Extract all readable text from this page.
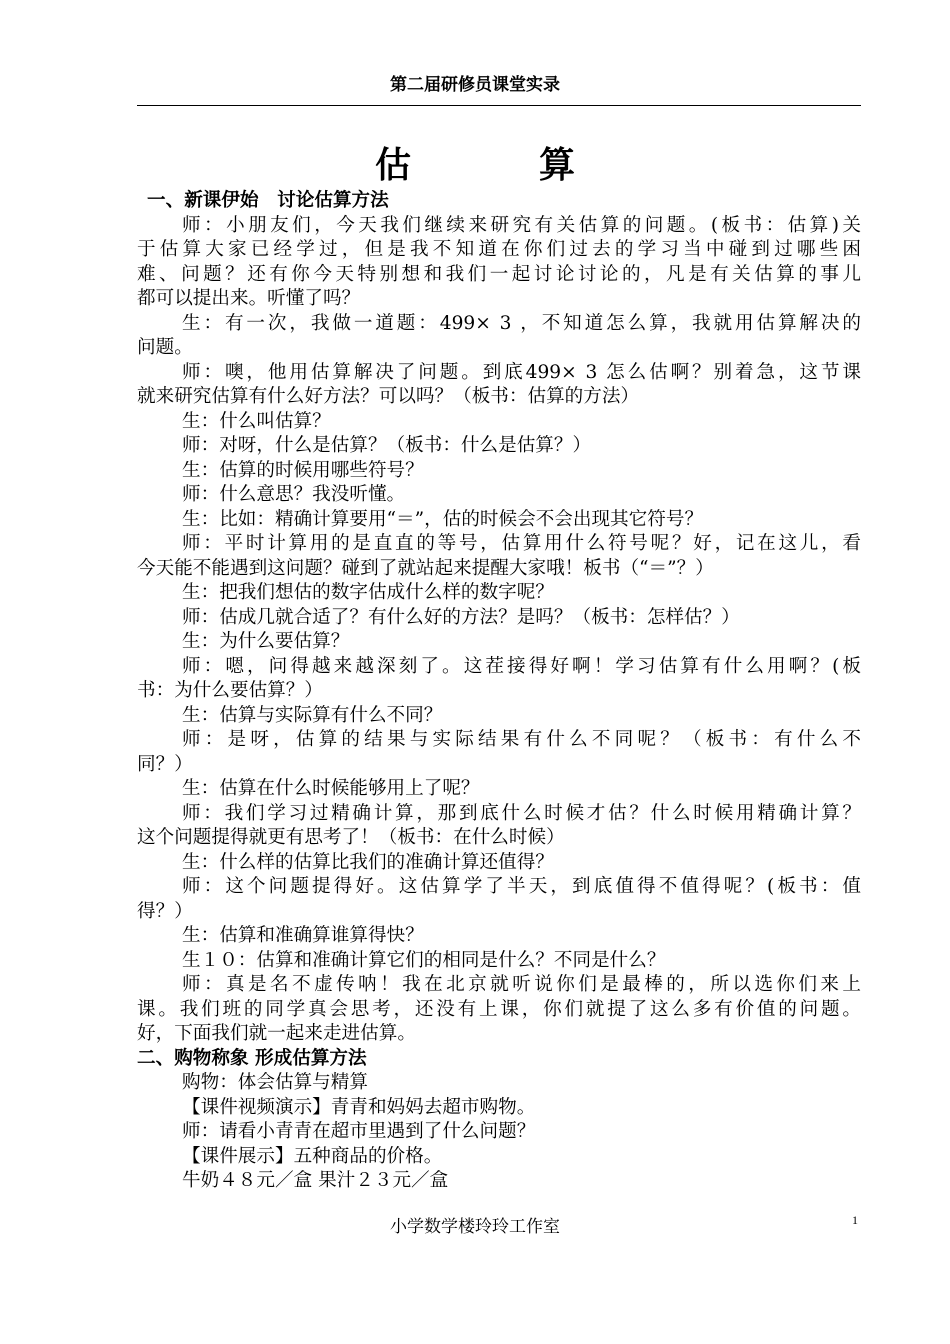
第二届研修员课堂实录
估　算
一、新课伊始　讨论估算方法
师：小朋友们，今天我们继续来研究有关估算的问题。(板书：估算)关
于估算大家已经学过，但是我不知道在你们过去的学习当中碰到过哪些困
难、问题？还有你今天特别想和我们一起讨论讨论的，凡是有关估算的事儿
都可以提出来。听懂了吗？
生：有一次，我做一道题：499× 3 ，不知道怎么算，我就用估算解决的
问题。
师：噢，他用估算解决了问题。到底499× 3 怎么估啊？别着急，这节课
就来研究估算有什么好方法？可以吗？（板书：估算的方法）
生：什么叫估算？
师：对呀，什么是估算？（板书：什么是估算？）
生：估算的时候用哪些符号？
师：什么意思？我没听懂。
生：比如：精确计算要用“＝”，估的时候会不会出现其它符号？
师：平时计算用的是直直的等号，估算用什么符号呢？好，记在这儿，看
今天能不能遇到这问题？碰到了就站起来提醒大家哦！板书（“＝”？）
生：把我们想估的数字估成什么样的数字呢？
师：估成几就合适了？有什么好的方法？是吗？（板书：怎样估？）
生：为什么要估算？
师：嗯，问得越来越深刻了。这茬接得好啊！学习估算有什么用啊？(板
书：为什么要估算？）
生：估算与实际算有什么不同？
师：是呀，估算的结果与实际结果有什么不同呢？（板书：有什么不
同？）
生：估算在什么时候能够用上了呢？
师：我们学习过精确计算，那到底什么时候才估？什么时候用精确计算？
这个问题提得就更有思考了！（板书：在什么时候）
生：什么样的估算比我们的准确计算还值得？
师：这个问题提得好。这估算学了半天，到底值得不值得呢？(板书：值
得？）
生：估算和准确算谁算得快？
生１０：估算和准确计算它们的相同是什么？不同是什么？
师：真是名不虚传呐！我在北京就听说你们是最棒的，所以选你们来上
课。我们班的同学真会思考，还没有上课，你们就提了这么多有价值的问题。
好，下面我们就一起来走进估算。
二、购物称象 形成估算方法
购物：体会估算与精算
【课件视频演示】青青和妈妈去超市购物。
师：请看小青青在超市里遇到了什么问题？
【课件展示】五种商品的价格。
牛奶４８元／盒 果汁２３元／盒
小学数学楼玲玲工作室	1
